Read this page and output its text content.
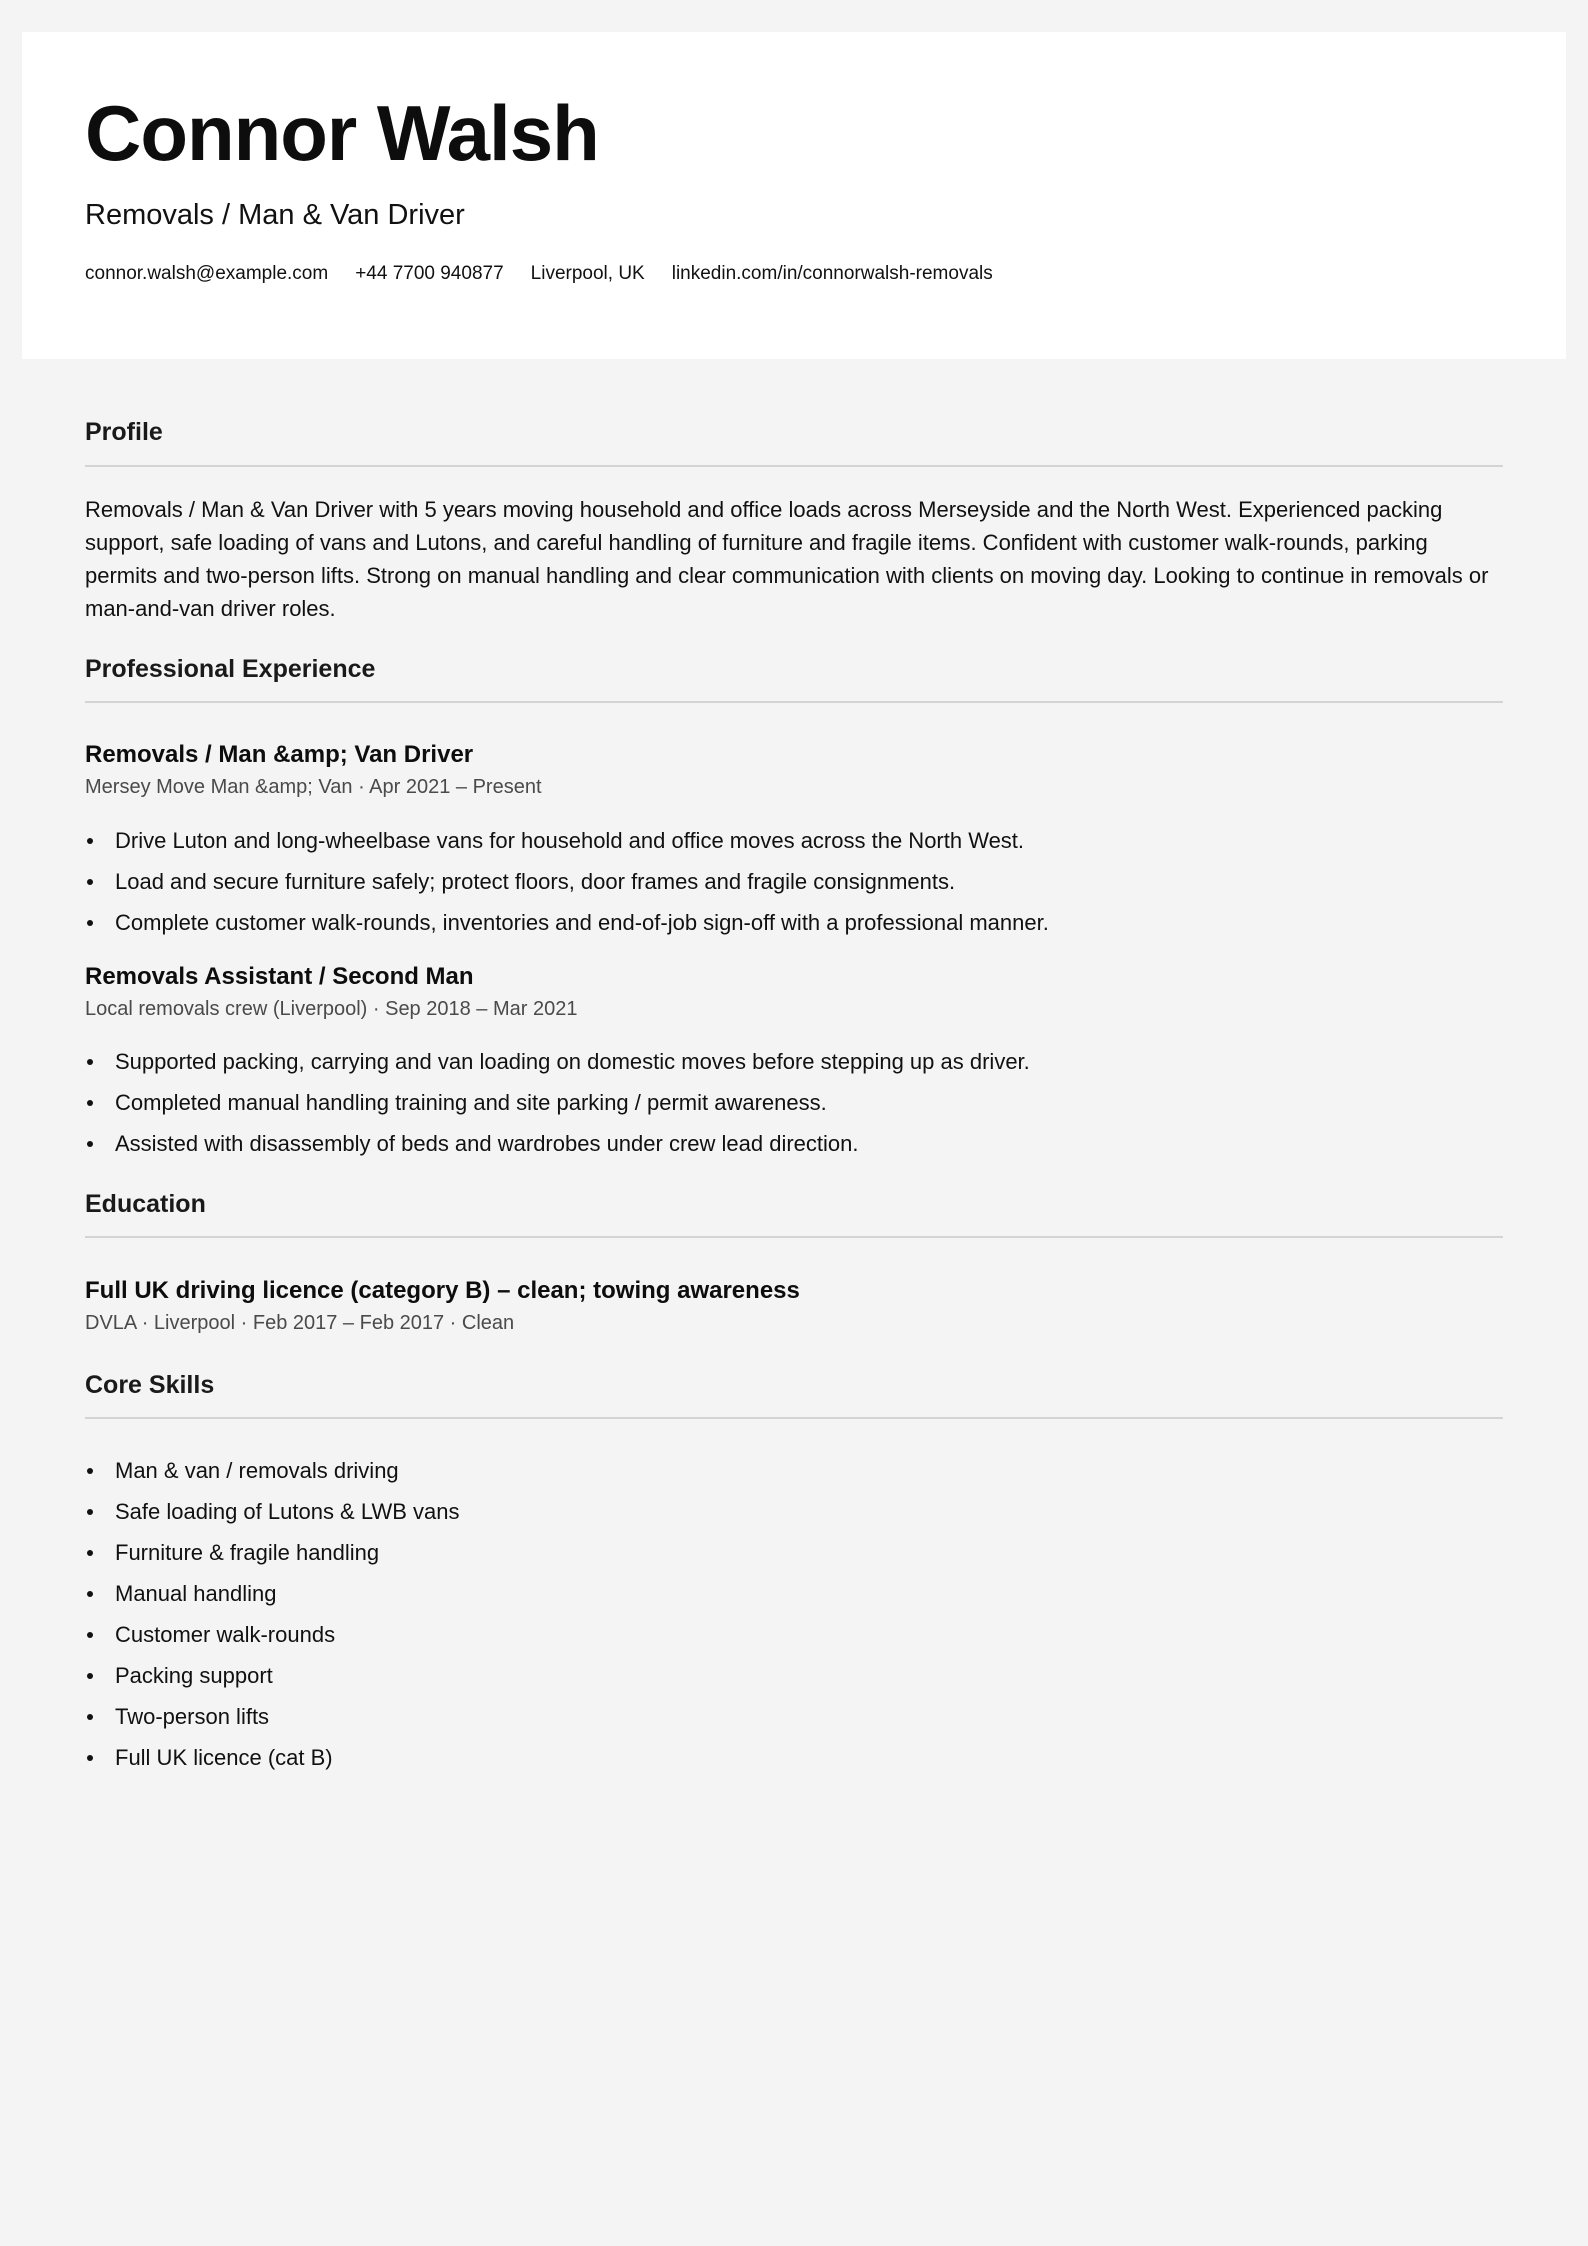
Connor Walsh
Removals / Man & Van Driver
connor.walsh@example.com +44 7700 940877 Liverpool, UK linkedin.com/in/connorwalsh-removals
Profile

Removals / Man & Van Driver with 5 years moving household and office loads across Merseyside and the North West. Experienced packing support, safe loading of vans and Lutons, and careful handling of furniture and fragile items. Confident with customer walk-rounds, parking permits and two-person lifts. Strong on manual handling and clear communication with clients on moving day. Looking to continue in removals or man-and-van driver roles.

Professional Experience
Removals / Man &amp; Van Driver
Mersey Move Man &amp; Van · Apr 2021 – Present
Drive Luton and long-wheelbase vans for household and office moves across the North West.
Load and secure furniture safely; protect floors, door frames and fragile consignments.
Complete customer walk-rounds, inventories and end-of-job sign-off with a professional manner.
Removals Assistant / Second Man
Local removals crew (Liverpool) · Sep 2018 – Mar 2021
Supported packing, carrying and van loading on domestic moves before stepping up as driver.
Completed manual handling training and site parking / permit awareness.
Assisted with disassembly of beds and wardrobes under crew lead direction.
Education
Full UK driving licence (category B) – clean; towing awareness
DVLA · Liverpool · Feb 2017 – Feb 2017 · Clean
Core Skills
Man & van / removals driving
Safe loading of Lutons & LWB vans
Furniture & fragile handling
Manual handling
Customer walk-rounds
Packing support
Two-person lifts
Full UK licence (cat B)
